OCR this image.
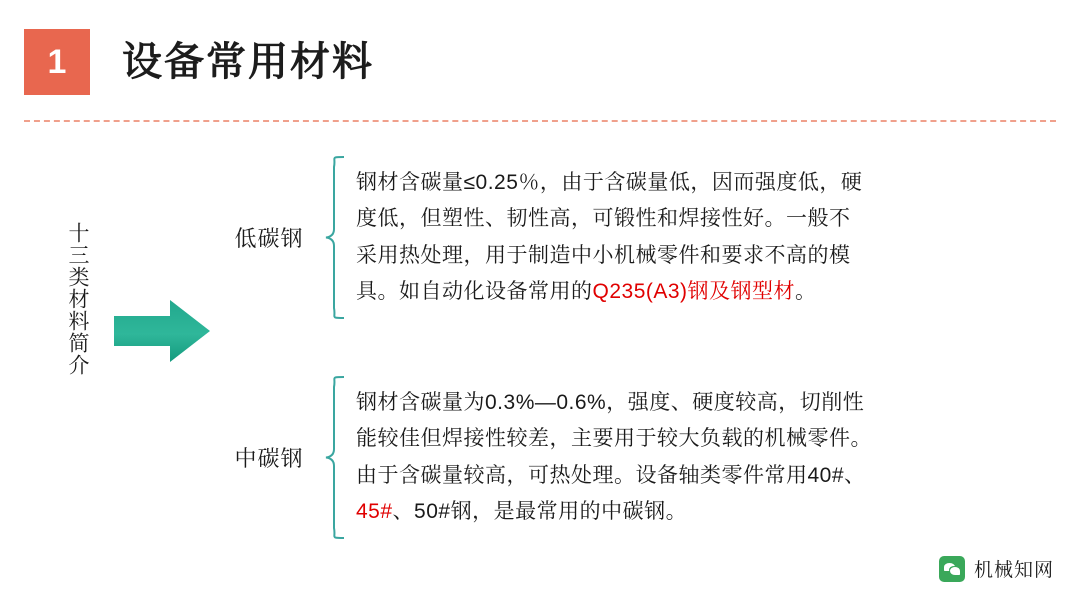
1	设备常用材料
十三类材料简介	低碳钢
钢材含碳量≤0.25％，由于含碳量低，因而强度低，硬
度低，但塑性、韧性高，可锻性和焊接性好。一般不
采用热处理，用于制造中小机械零件和要求不高的模
具。如自动化设备常用的Q235(A3)钢及钢型材。
中碳钢
钢材含碳量为0.3%—0.6%，强度、硬度较高，切削性
能较佳但焊接性较差，主要用于较大负载的机械零件。
由于含碳量较高，可热处理。设备轴类零件常用40#、
45#、50#钢，是最常用的中碳钢。
机械知网
